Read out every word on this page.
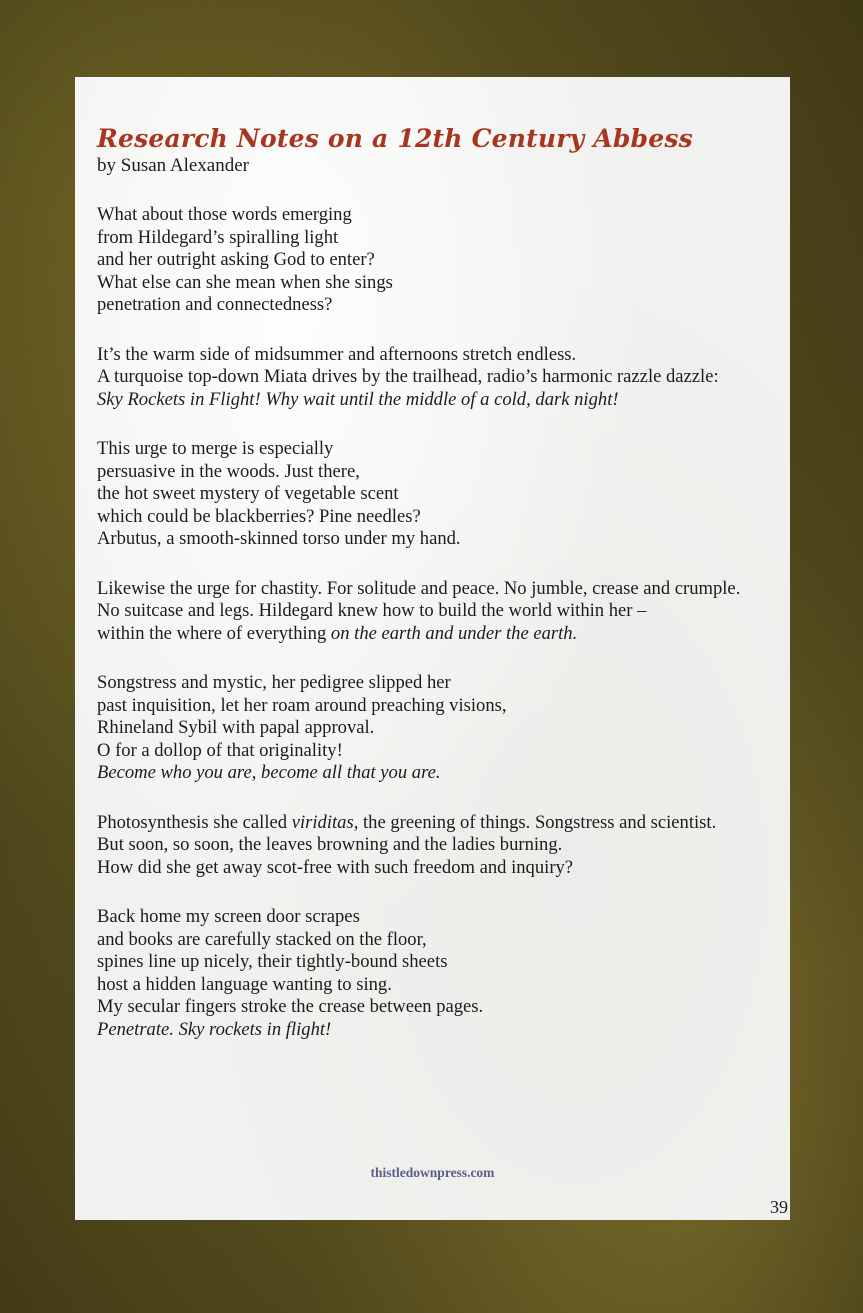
Research Notes on a 12th Century Abbess

by Susan Alexander

What about those words emerging
from Hildegard’s spiralling light
and her outright asking God to enter?
What else can she mean when she sings
penetration and connectedness?
It’s the warm side of midsummer and afternoons stretch endless.
A turquoise top-down Miata drives by the trailhead, radio’s harmonic razzle dazzle:
Sky Rockets in Flight! Why wait until the middle of a cold, dark night!
This urge to merge is especially
persuasive in the woods. Just there,
the hot sweet mystery of vegetable scent
which could be blackberries? Pine needles?
Arbutus, a smooth-skinned torso under my hand.
Likewise the urge for chastity. For solitude and peace. No jumble, crease and crumple.
No suitcase and legs. Hildegard knew how to build the world within her –
within the where of everything on the earth and under the earth.
Songstress and mystic, her pedigree slipped her
past inquisition, let her roam around preaching visions,
Rhineland Sybil with papal approval.
O for a dollop of that originality!
Become who you are, become all that you are.
Photosynthesis she called viriditas, the greening of things. Songstress and scientist.
But soon, so soon, the leaves browning and the ladies burning.
How did she get away scot-free with such freedom and inquiry?
Back home my screen door scrapes
and books are carefully stacked on the floor,
spines line up nicely, their tightly-bound sheets
host a hidden language wanting to sing.
My secular fingers stroke the crease between pages.
Penetrate. Sky rockets in flight!
thistledownpress.com
39
